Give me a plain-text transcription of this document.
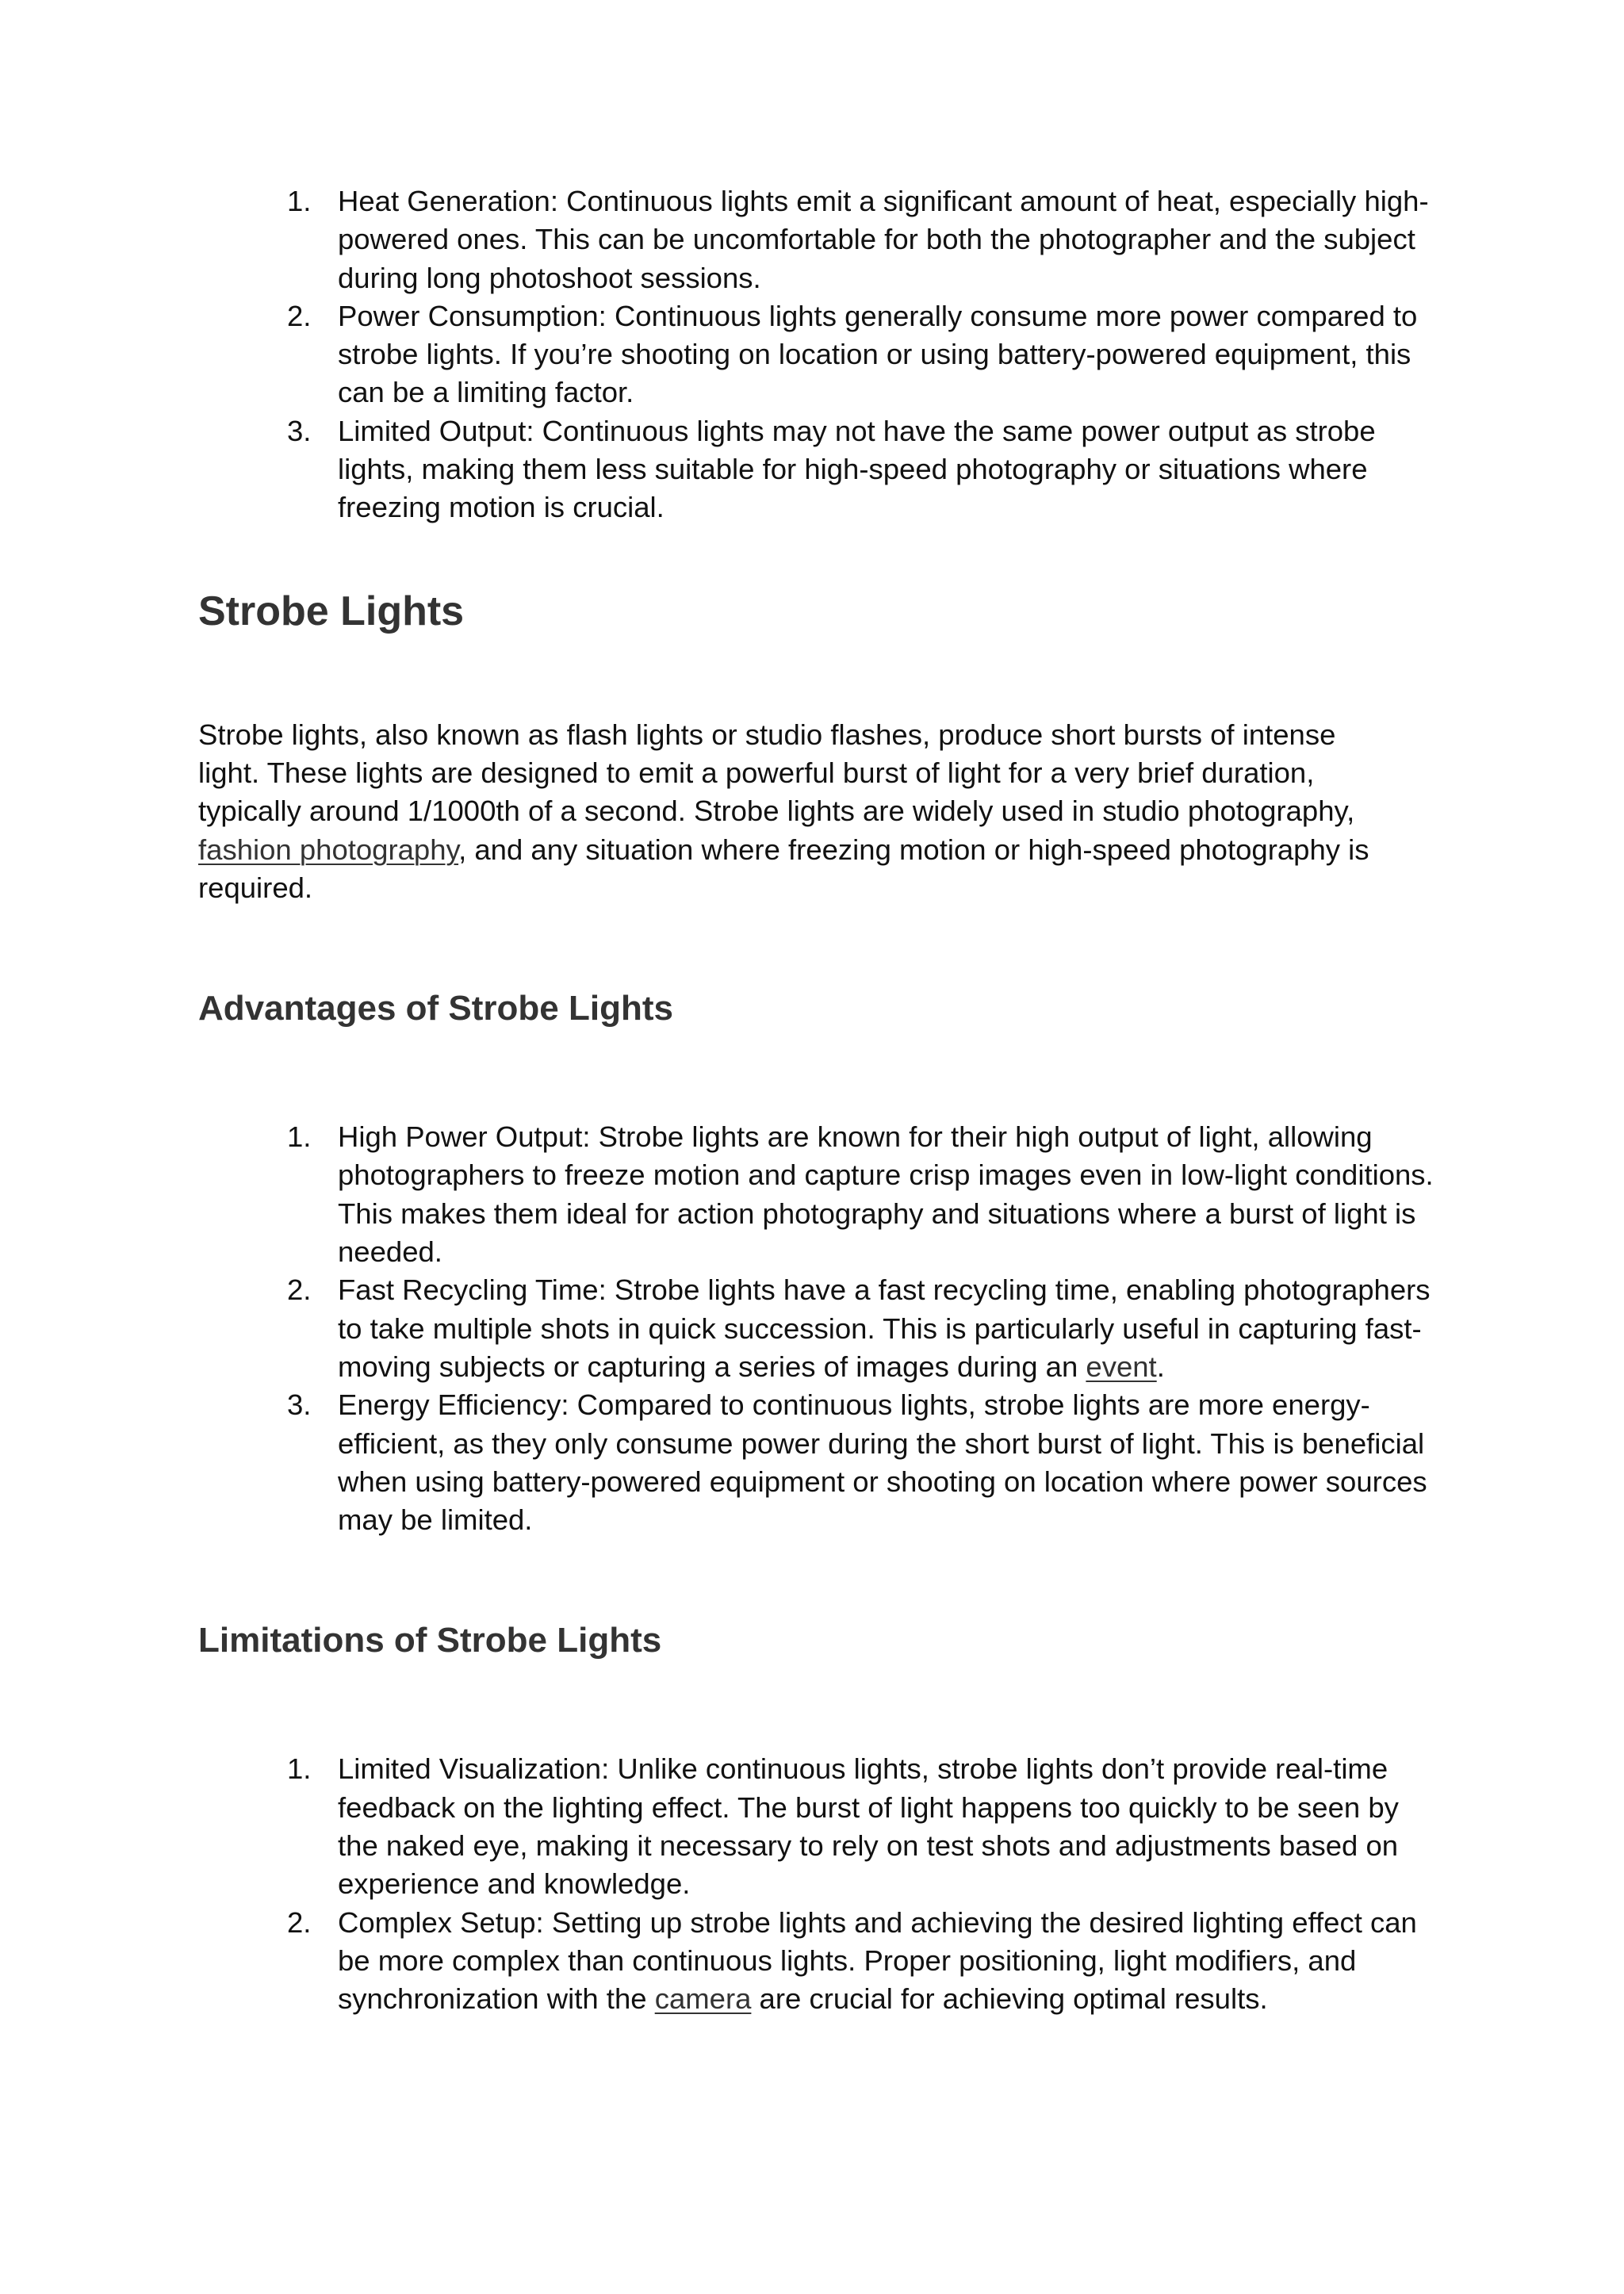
1. Heat Generation: Continuous lights emit a significant amount of heat, especially high-powered ones. This can be uncomfortable for both the photographer and the subject during long photoshoot sessions.
2. Power Consumption: Continuous lights generally consume more power compared to strobe lights. If you’re shooting on location or using battery-powered equipment, this can be a limiting factor.
3. Limited Output: Continuous lights may not have the same power output as strobe lights, making them less suitable for high-speed photography or situations where freezing motion is crucial.
Strobe Lights

Strobe lights, also known as flash lights or studio flashes, produce short bursts of intense light. These lights are designed to emit a powerful burst of light for a very brief duration, typically around 1/1000th of a second. Strobe lights are widely used in studio photography, fashion photography, and any situation where freezing motion or high-speed photography is required.

Advantages of Strobe Lights
1. High Power Output: Strobe lights are known for their high output of light, allowing photographers to freeze motion and capture crisp images even in low-light conditions. This makes them ideal for action photography and situations where a burst of light is needed.
2. Fast Recycling Time: Strobe lights have a fast recycling time, enabling photographers to take multiple shots in quick succession. This is particularly useful in capturing fast-moving subjects or capturing a series of images during an event.
3. Energy Efficiency: Compared to continuous lights, strobe lights are more energy-efficient, as they only consume power during the short burst of light. This is beneficial when using battery-powered equipment or shooting on location where power sources may be limited.
Limitations of Strobe Lights
1. Limited Visualization: Unlike continuous lights, strobe lights don’t provide real-time feedback on the lighting effect. The burst of light happens too quickly to be seen by the naked eye, making it necessary to rely on test shots and adjustments based on experience and knowledge.
2. Complex Setup: Setting up strobe lights and achieving the desired lighting effect can be more complex than continuous lights. Proper positioning, light modifiers, and synchronization with the camera are crucial for achieving optimal results.
